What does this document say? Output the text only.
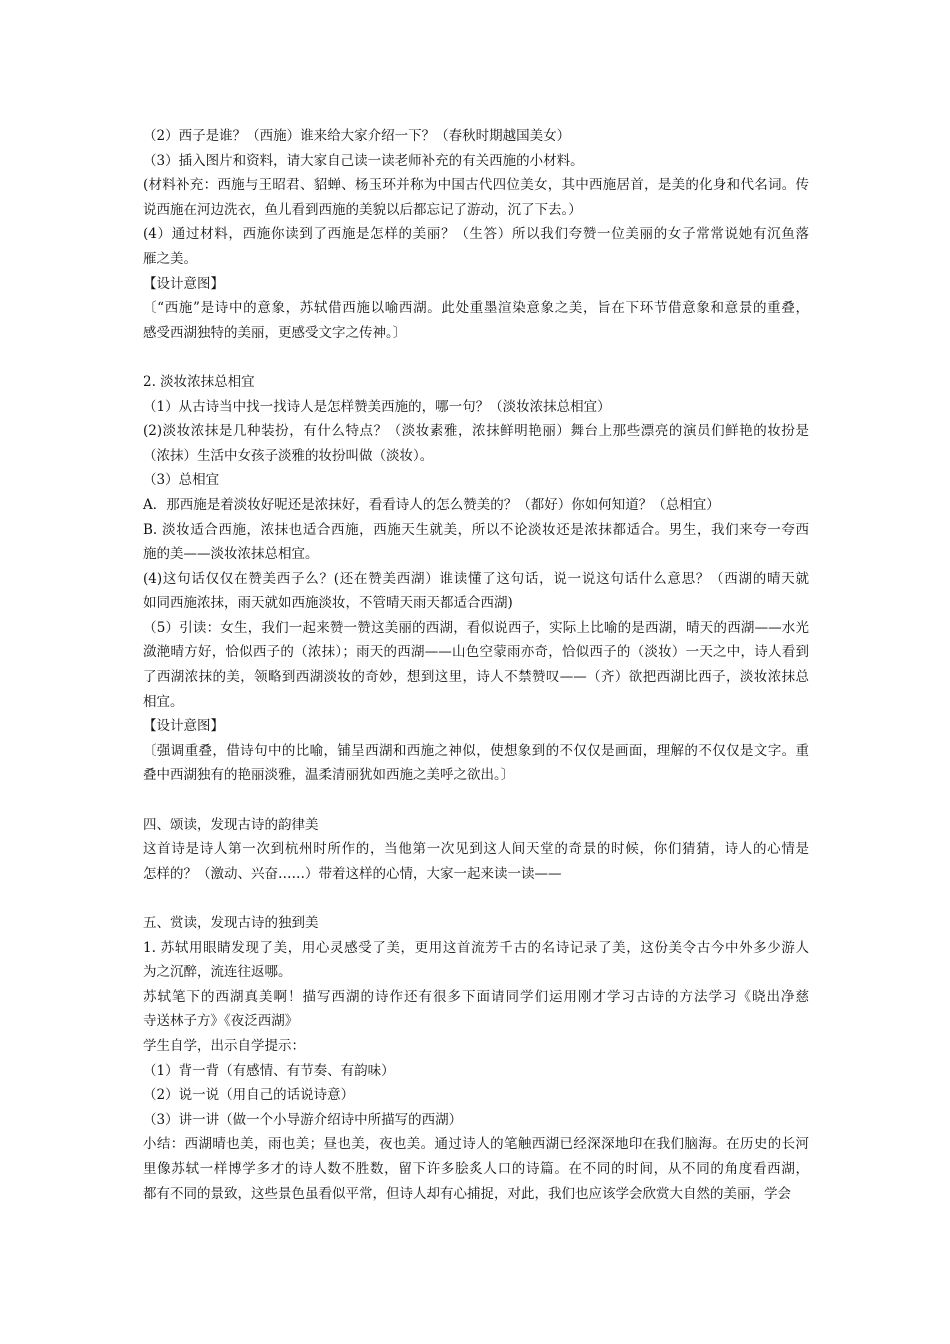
（2）西子是谁？（西施）谁来给大家介绍一下？（春秋时期越国美女）
（3）插入图片和资料，请大家自己读一读老师补充的有关西施的小材料。
(材料补充：西施与王昭君、貂蝉、杨玉环并称为中国古代四位美女，其中西施居首，是美的化身和代名词。传
说西施在河边洗衣，鱼儿看到西施的美貌以后都忘记了游动，沉了下去。）
(4）通过材料，西施你读到了西施是怎样的美丽？（生答）所以我们夸赞一位美丽的女子常常说她有沉鱼落
雁之美。
【设计意图】
〔“西施”是诗中的意象，苏轼借西施以喻西湖。此处重墨渲染意象之美，旨在下环节借意象和意景的重叠，
感受西湖独特的美丽，更感受文字之传神。〕
2. 淡妆浓抹总相宜
（1）从古诗当中找一找诗人是怎样赞美西施的，哪一句？（淡妆浓抹总相宜）
(2)淡妆浓抹是几种装扮，有什么特点？（淡妆素雅，浓抹鲜明艳丽）舞台上那些漂亮的演员们鲜艳的妆扮是
（浓抹）生活中女孩子淡雅的妆扮叫做（淡妆）。
（3）总相宜
A．那西施是着淡妆好呢还是浓抹好，看看诗人的怎么赞美的？（都好）你如何知道？（总相宜）
B. 淡妆适合西施，浓抹也适合西施，西施天生就美，所以不论淡妆还是浓抹都适合。男生，我们来夸一夸西
施的美——淡妆浓抹总相宜。
(4)这句话仅仅在赞美西子么？(还在赞美西湖）谁读懂了这句话，说一说这句话什么意思？（西湖的晴天就
如同西施浓抹，雨天就如西施淡妆，不管晴天雨天都适合西湖)
（5）引读：女生，我们一起来赞一赞这美丽的西湖，看似说西子，实际上比喻的是西湖，晴天的西湖——水光
潋滟晴方好，恰似西子的（浓抹）；雨天的西湖——山色空蒙雨亦奇，恰似西子的（淡妆）一天之中，诗人看到
了西湖浓抹的美，领略到西湖淡妆的奇妙，想到这里，诗人不禁赞叹——（齐）欲把西湖比西子，淡妆浓抹总
相宜。
【设计意图】
〔强调重叠，借诗句中的比喻，铺呈西湖和西施之神似，使想象到的不仅仅是画面，理解的不仅仅是文字。重
叠中西湖独有的艳丽淡雅，温柔清丽犹如西施之美呼之欲出。〕
四、颂读，发现古诗的韵律美
这首诗是诗人第一次到杭州时所作的，当他第一次见到这人间天堂的奇景的时候，你们猜猜，诗人的心情是
怎样的？（激动、兴奋……）带着这样的心情，大家一起来读一读——
五、赏读，发现古诗的独到美
1. 苏轼用眼睛发现了美，用心灵感受了美，更用这首流芳千古的名诗记录了美，这份美令古今中外多少游人
为之沉醉，流连往返哪。
苏轼笔下的西湖真美啊！描写西湖的诗作还有很多下面请同学们运用刚才学习古诗的方法学习《晓出净慈
寺送林子方》《夜泛西湖》
学生自学，出示自学提示：
（1）背一背（有感情、有节奏、有韵味）
（2）说一说（用自己的话说诗意）
（3）讲一讲（做一个小导游介绍诗中所描写的西湖）
小结：西湖晴也美，雨也美；昼也美，夜也美。通过诗人的笔触西湖已经深深地印在我们脑海。在历史的长河
里像苏轼一样博学多才的诗人数不胜数，留下许多脍炙人口的诗篇。在不同的时间，从不同的角度看西湖，
都有不同的景致，这些景色虽看似平常，但诗人却有心捕捉，对此，我们也应该学会欣赏大自然的美丽，学会
